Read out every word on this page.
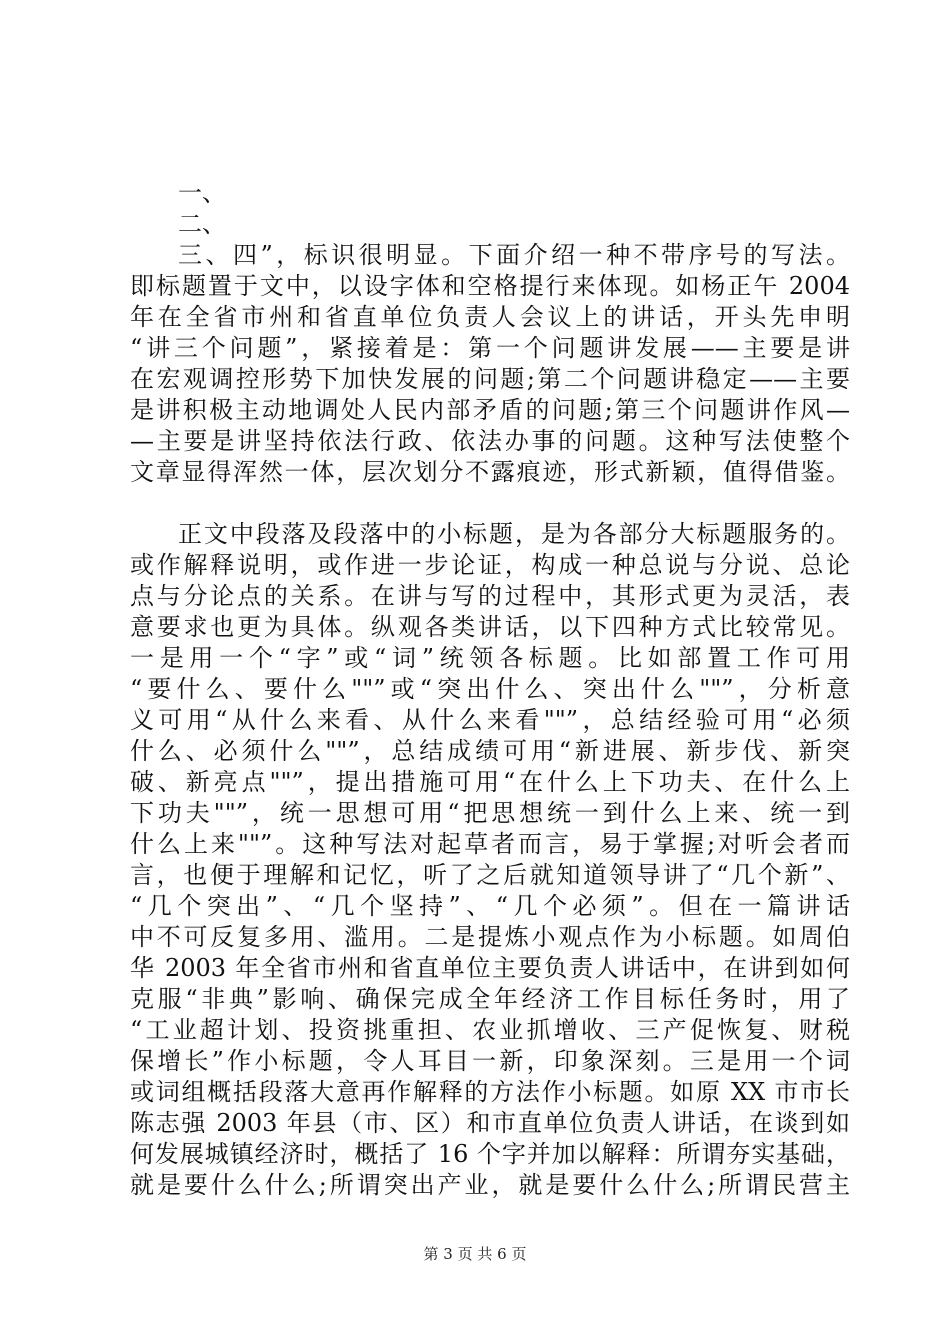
一、
二、
三、四”，标识很明显。下面介绍一种不带序号的写法。
即标题置于文中，以设字体和空格提行来体现。如杨正午 2004
年在全省市州和省直单位负责人会议上的讲话，开头先申明
“讲三个问题”，紧接着是：第一个问题讲发展——主要是讲
在宏观调控形势下加快发展的问题;第二个问题讲稳定——主要
是讲积极主动地调处人民内部矛盾的问题;第三个问题讲作风—
—主要是讲坚持依法行政、依法办事的问题。这种写法使整个
文章显得浑然一体，层次划分不露痕迹，形式新颖，值得借鉴。
正文中段落及段落中的小标题，是为各部分大标题服务的。
或作解释说明，或作进一步论证，构成一种总说与分说、总论
点与分论点的关系。在讲与写的过程中，其形式更为灵活，表
意要求也更为具体。纵观各类讲话，以下四种方式比较常见。
一是用一个“字”或“词”统领各标题。比如部置工作可用
“要什么、要什么""”或“突出什么、突出什么""”，分析意
义可用“从什么来看、从什么来看""”，总结经验可用“必须
什么、必须什么""”，总结成绩可用“新进展、新步伐、新突
破、新亮点""”，提出措施可用“在什么上下功夫、在什么上
下功夫""”，统一思想可用“把思想统一到什么上来、统一到
什么上来""”。这种写法对起草者而言，易于掌握;对听会者而
言，也便于理解和记忆，听了之后就知道领导讲了“几个新”、
“几个突出”、“几个坚持”、“几个必须”。但在一篇讲话
中不可反复多用、滥用。二是提炼小观点作为小标题。如周伯
华 2003 年全省市州和省直单位主要负责人讲话中，在讲到如何
克服“非典”影响、确保完成全年经济工作目标任务时，用了
“工业超计划、投资挑重担、农业抓增收、三产促恢复、财税
保增长”作小标题，令人耳目一新，印象深刻。三是用一个词
或词组概括段落大意再作解释的方法作小标题。如原 XX 市市长
陈志强 2003 年县（市、区）和市直单位负责人讲话，在谈到如
何发展城镇经济时，概括了 16 个字并加以解释：所谓夯实基础，
就是要什么什么;所谓突出产业，就是要什么什么;所谓民营主
第 3 页 共 6 页
